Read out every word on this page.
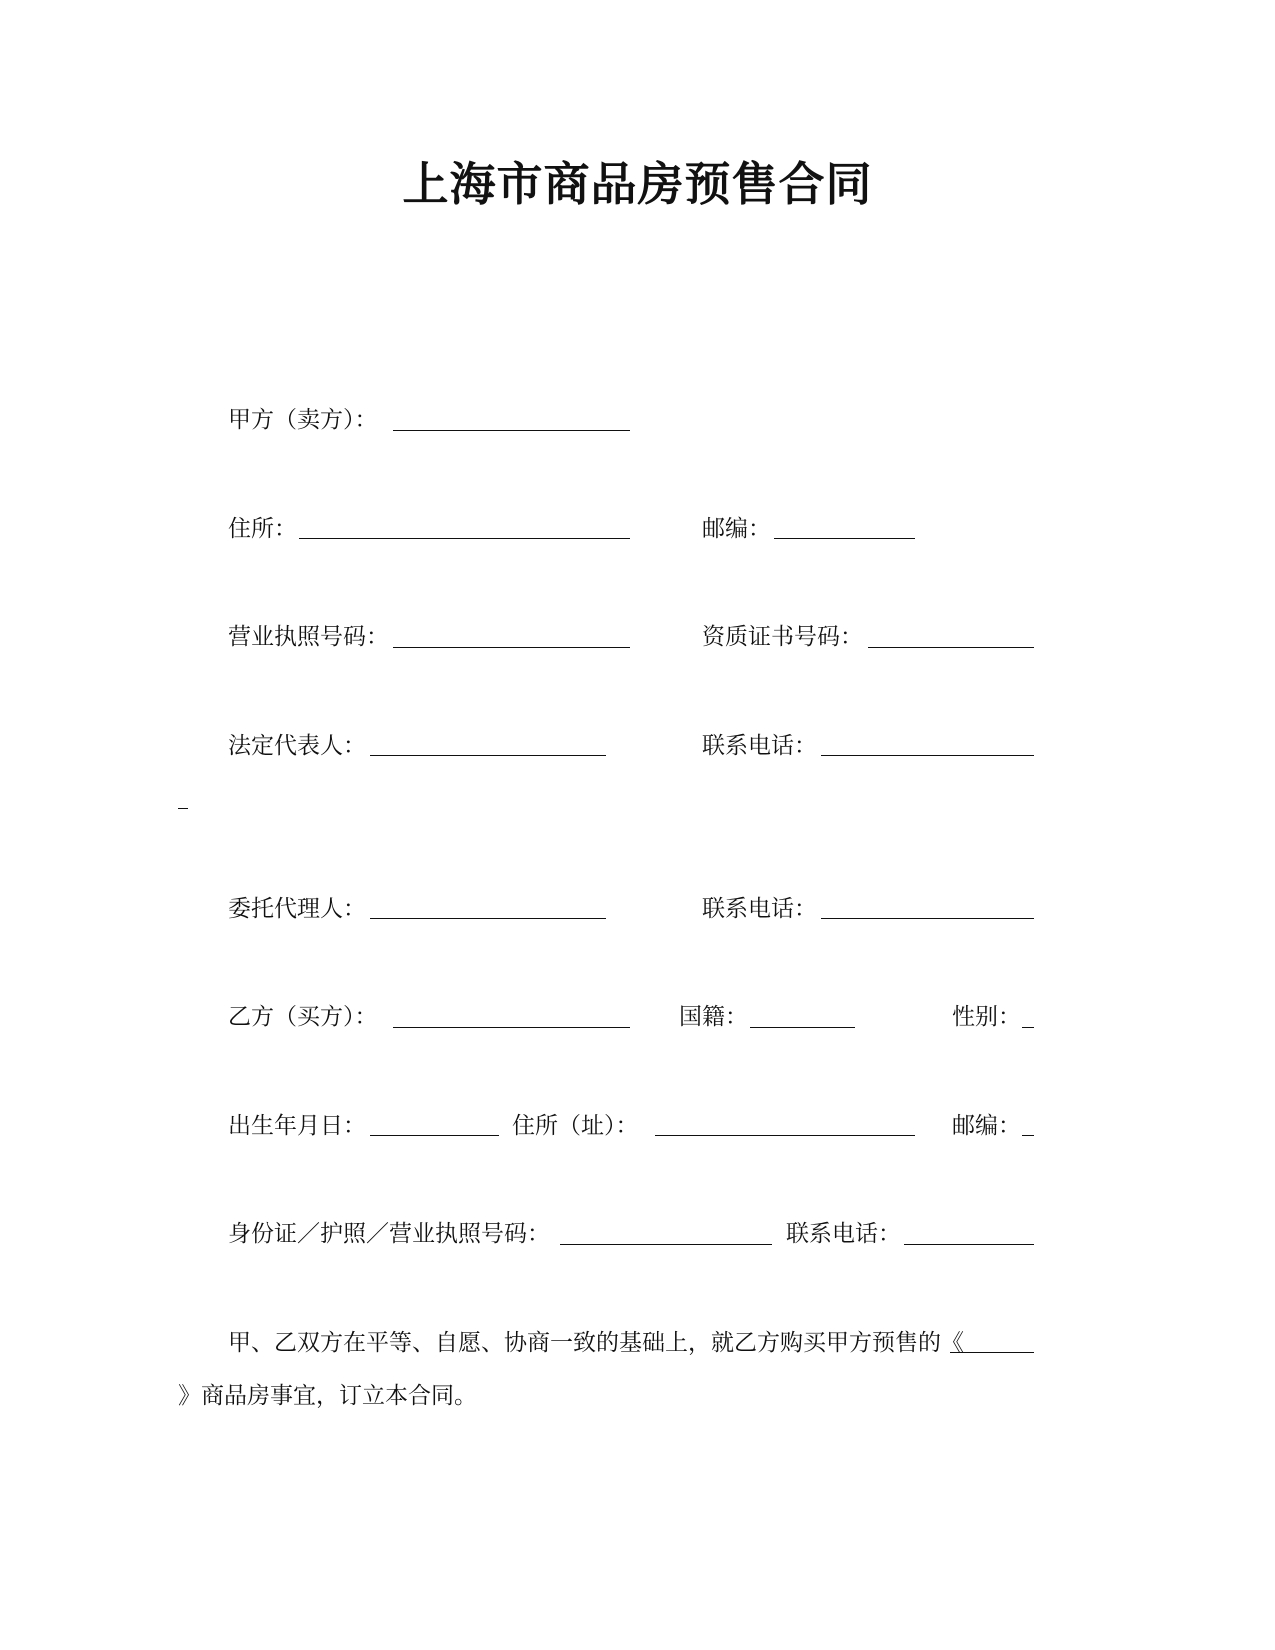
上海市商品房预售合同
甲方（卖方）：
住所：	邮编：
营业执照号码：	资质证书号码：
法定代表人：	联系电话：
委托代理人：	联系电话：
乙方（买方）：	国籍：	性别：
出生年月日：	住所（址）：	邮编：
身份证／护照／营业执照号码：	联系电话：
甲、乙双方在平等、自愿、协商一致的基础上，就乙方购买甲方预售的《
》商品房事宜，订立本合同。
